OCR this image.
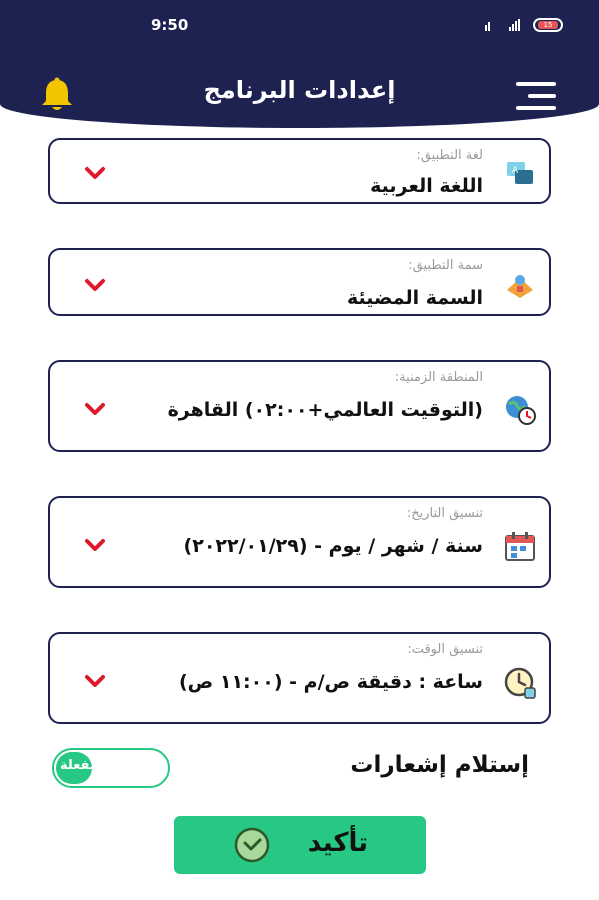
9:50	15
إعدادات البرنامج
لغة التطبيق:
اللغة العربية
A
سمة التطبيق:
السمة المضيئة
المنطقة الزمنية:
(التوقيت العالمي+٠٢:٠٠) القاهرة
تنسيق التاريخ:
سنة / شهر / يوم - (٢٠٢٢/٠١/٢٩)
تنسيق الوقت:
ساعة : دقيقة ص/م - (١١:٠٠ ص)
إستلام إشعارات
مفعلة
تأكيد
